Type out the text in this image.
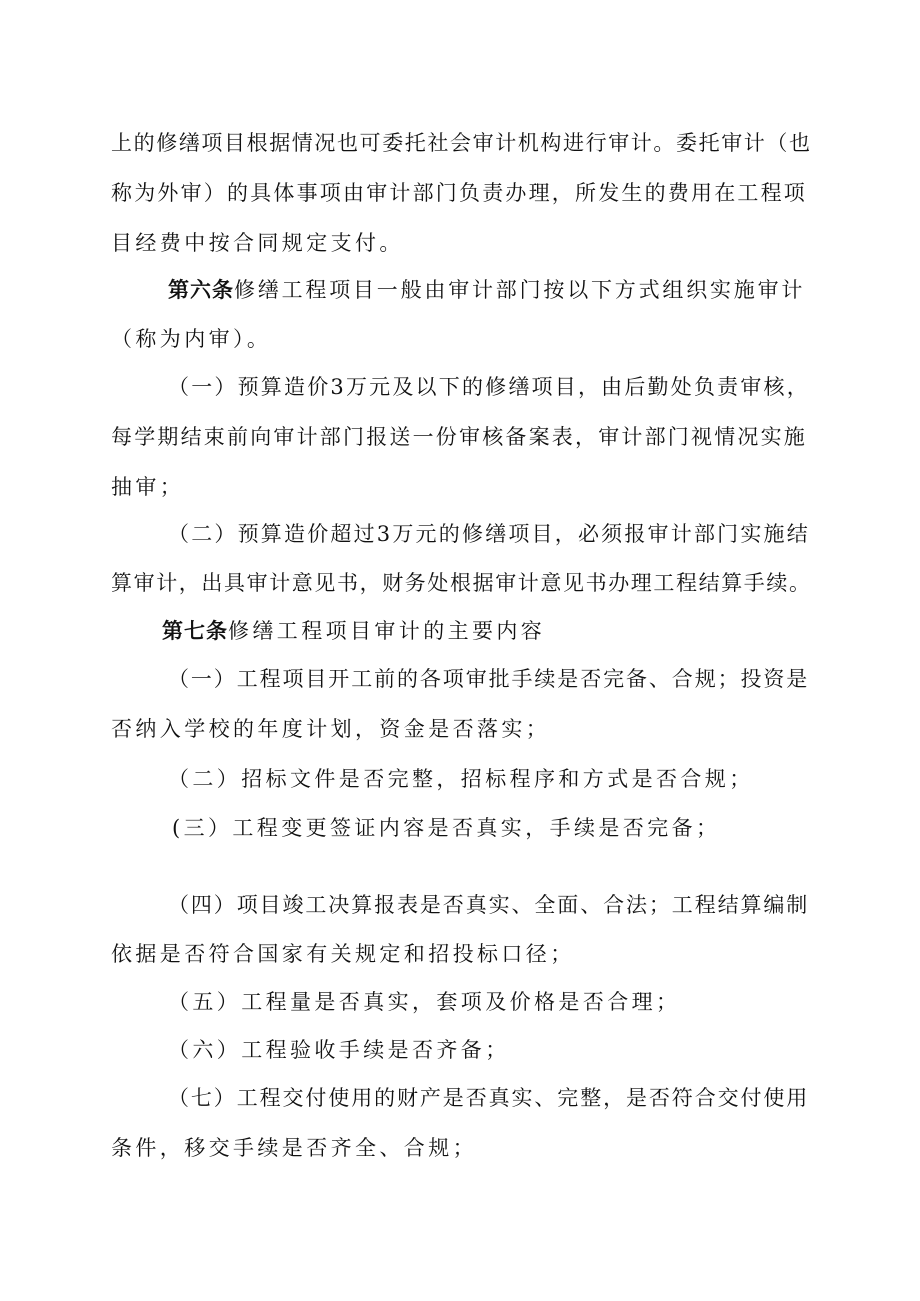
上的修缮项目根据情况也可委托社会审计机构进行审计。委托审计（也
称为外审）的具体事项由审计部门负责办理，所发生的费用在工程项
目经费中按合同规定支付。
第六条修缮工程项目一般由审计部门按以下方式组织实施审计
（称为内审）。
（一）预算造价3万元及以下的修缮项目，由后勤处负责审核，
每学期结束前向审计部门报送一份审核备案表，审计部门视情况实施
抽审；
（二）预算造价超过3万元的修缮项目，必须报审计部门实施结
算审计，出具审计意见书，财务处根据审计意见书办理工程结算手续。
第七条修缮工程项目审计的主要内容
（一）工程项目开工前的各项审批手续是否完备、合规；投资是
否纳入学校的年度计划，资金是否落实；
（二）招标文件是否完整，招标程序和方式是否合规；
(三）工程变更签证内容是否真实，手续是否完备；
（四）项目竣工决算报表是否真实、全面、合法；工程结算编制
依据是否符合国家有关规定和招投标口径；
（五）工程量是否真实，套项及价格是否合理；
（六）工程验收手续是否齐备；
（七）工程交付使用的财产是否真实、完整，是否符合交付使用
条件，移交手续是否齐全、合规；
